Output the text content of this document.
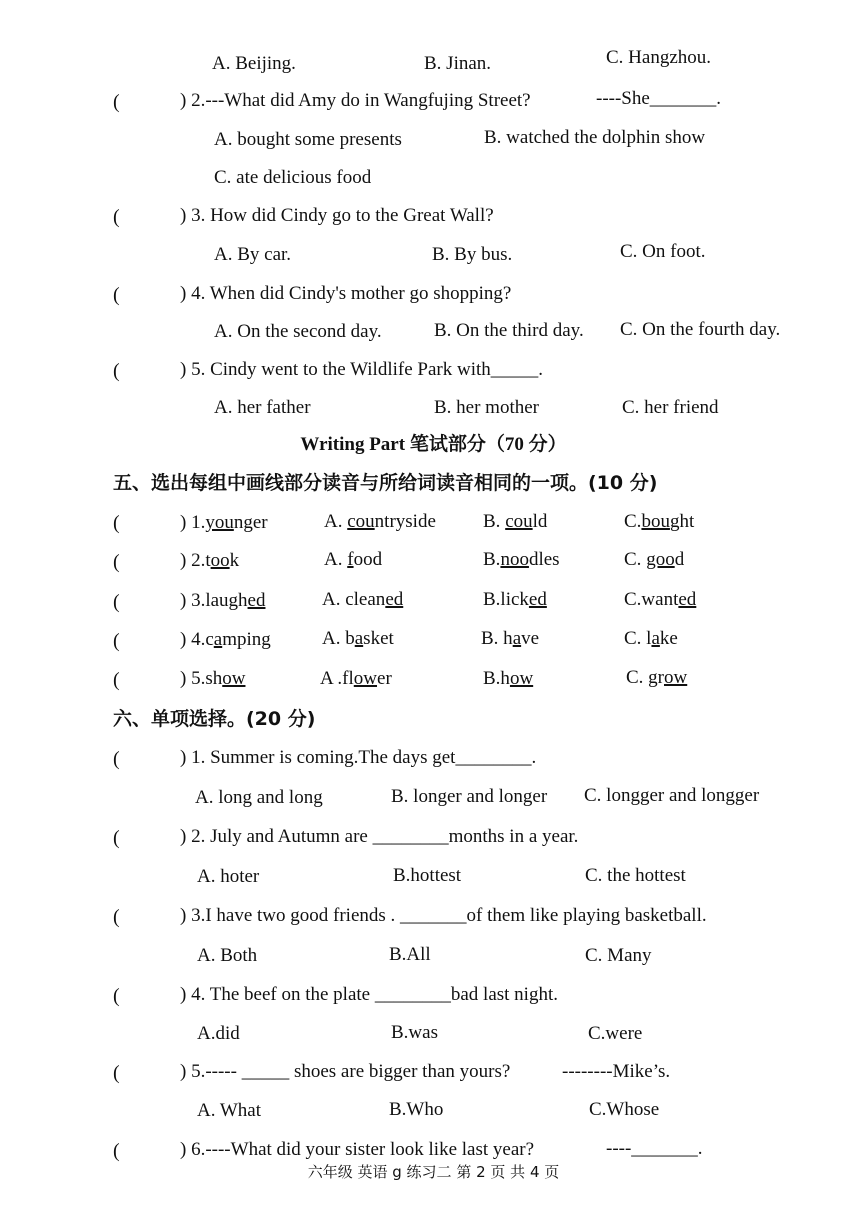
A. Beijing.	B. Jinan.	C. Hangzhou.
(	) 2.---What did Amy do in Wangfujing Street?	----She_______.
A. bought some presents	B. watched the dolphin show
C. ate delicious food
(	) 3. How did Cindy go to the Great Wall?
A. By car.	B. By bus.	C. On foot.
(	) 4. When did Cindy's mother go shopping?
A. On the second day.	B. On the third day. C. On the fourth day.
(	) 5. Cindy went to the Wildlife Park with_____.
A. her father	B. her mother	C. her friend
Writing Part 笔试部分（70 分）
五、选出每组中画线部分读音与所给词读音相同的一项。(10 分)
(	) 1.younger	A. countryside B. could	C.bought
(	) 2.took	A. food	B.noodles	C. good
(	) 3.laughed	A. cleaned	B.licked	C.wanted
(	) 4.camping	A. basket	B. have	C. lake
(	) 5.show	A .flower	B.how	C. grow
六、单项选择。(20 分)
(	) 1. Summer is coming.The days get________.
A. long and long	B. longer and longer C. longger and longger
(	) 2. July and Autumn are ________months in a year.
A. hoter	B.hottest	C. the hottest
(	) 3.I have two good friends . _______of them like playing basketball.
A. Both	B.All	C. Many
(	) 4. The beef on the plate ________bad last night.
A.did	B.was	C.were
(	) 5.----- _____ shoes are bigger than yours?	--------Mike’s.
A. What	B.Who	C.Whose
(	) 6.----What did your sister look like last year?	----_______.
六年级 英语 g 练习二 第 2 页 共 4 页
